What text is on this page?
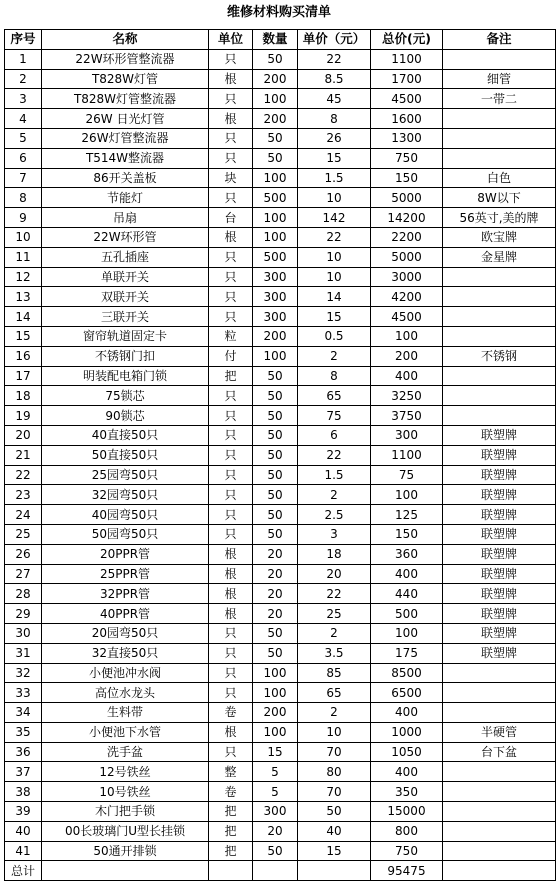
维修材料购买清单
序号	名称	单位	数量	单价（元）	总价(元)	备注
1	22W环形管整流器	只	50	22	1100	
2	T828W灯管	根	200	8.5	1700	细管
3	T828W灯管整流器	只	100	45	4500	一带二
4	26W 日光灯管	根	200	8	1600	
5	26W灯管整流器	只	50	26	1300	
6	T514W整流器	只	50	15	750	
7	86开关盖板	块	100	1.5	150	白色
8	节能灯	只	500	10	5000	8W以下
9	吊扇	台	100	142	14200	56英寸,美的牌
10	22W环形管	根	100	22	2200	欧宝牌
11	五孔插座	只	500	10	5000	金星牌
12	单联开关	只	300	10	3000	
13	双联开关	只	300	14	4200	
14	三联开关	只	300	15	4500	
15	窗帘轨道固定卡	粒	200	0.5	100	
16	不锈钢门扣	付	100	2	200	不锈钢
17	明装配电箱门锁	把	50	8	400	
18	75锁芯	只	50	65	3250	
19	90锁芯	只	50	75	3750	
20	40直接50只	只	50	6	300	联塑牌
21	50直接50只	只	50	22	1100	联塑牌
22	25园弯50只	只	50	1.5	75	联塑牌
23	32园弯50只	只	50	2	100	联塑牌
24	40园弯50只	只	50	2.5	125	联塑牌
25	50园弯50只	只	50	3	150	联塑牌
26	20PPR管	根	20	18	360	联塑牌
27	25PPR管	根	20	20	400	联塑牌
28	32PPR管	根	20	22	440	联塑牌
29	40PPR管	根	20	25	500	联塑牌
30	20园弯50只	只	50	2	100	联塑牌
31	32直接50只	只	50	3.5	175	联塑牌
32	小便池冲水阀	只	100	85	8500	
33	高位水龙头	只	100	65	6500	
34	生料带	卷	200	2	400	
35	小便池下水管	根	100	10	1000	半硬管
36	洗手盆	只	15	70	1050	台下盆
37	12号铁丝	整	5	80	400	
38	10号铁丝	卷	5	70	350	
39	木门把手锁	把	300	50	15000	
40	00长玻璃门U型长挂锁	把	20	40	800	
41	50通开排锁	把	50	15	750	
总计					95475	
